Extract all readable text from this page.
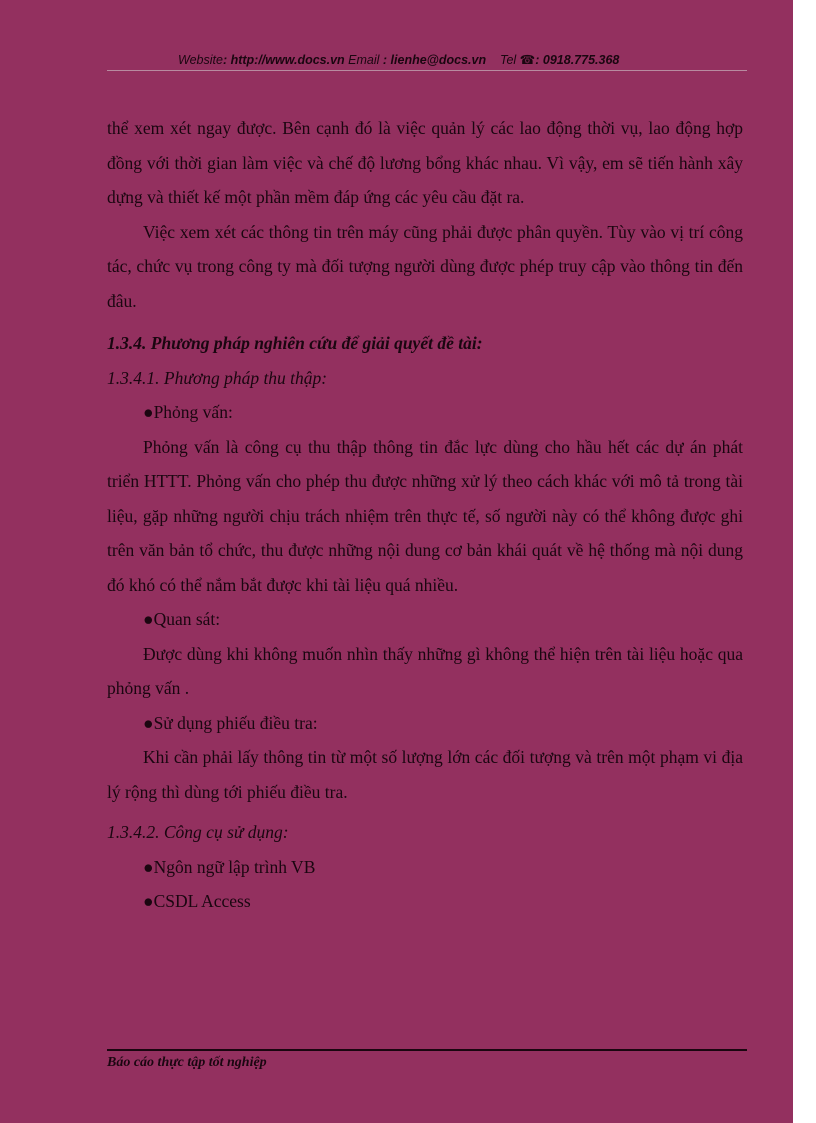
Website: http://www.docs.vn Email : lienhe@docs.vn    Tel ☎: 0918.775.368

thể xem xét ngay được. Bên cạnh đó là việc quản lý các lao động thời vụ, lao động hợp đồng với thời gian làm việc và chế độ lương bổng khác nhau. Vì vậy, em sẽ tiến hành xây dựng và thiết kế một phần mềm đáp ứng các yêu cầu đặt ra.

Việc xem xét các thông tin trên máy cũng phải được phân quyền. Tùy vào vị trí công tác, chức vụ trong công ty mà đối tượng người dùng được phép truy cập vào thông tin đến đâu.

1.3.4. Phương pháp nghiên cứu để giải quyết đề tài:

1.3.4.1. Phương pháp thu thập:

●Phỏng vấn:

Phỏng vấn là công cụ thu thập thông tin đắc lực dùng cho hầu hết các dự án phát triển HTTT. Phỏng vấn cho phép thu được những xử lý theo cách khác với mô tả trong tài liệu, gặp những người chịu trách nhiệm trên thực tế, số người này có thể không được ghi trên văn bản tổ chức, thu được những nội dung cơ bản khái quát về hệ thống mà nội dung đó khó có thể nắm bắt được khi tài liệu quá nhiều.

●Quan sát:

Được dùng khi không muốn nhìn thấy những gì không thể hiện trên tài liệu hoặc qua phỏng vấn .

●Sử dụng phiếu điều tra:

Khi cần phải lấy thông tin từ một số lượng lớn các đối tượng và trên một phạm vi địa lý rộng thì dùng tới phiếu điều tra.

1.3.4.2. Công cụ sử dụng:

●Ngôn ngữ lập trình VB

●CSDL Access

Báo cáo thực tập tốt nghiệp
